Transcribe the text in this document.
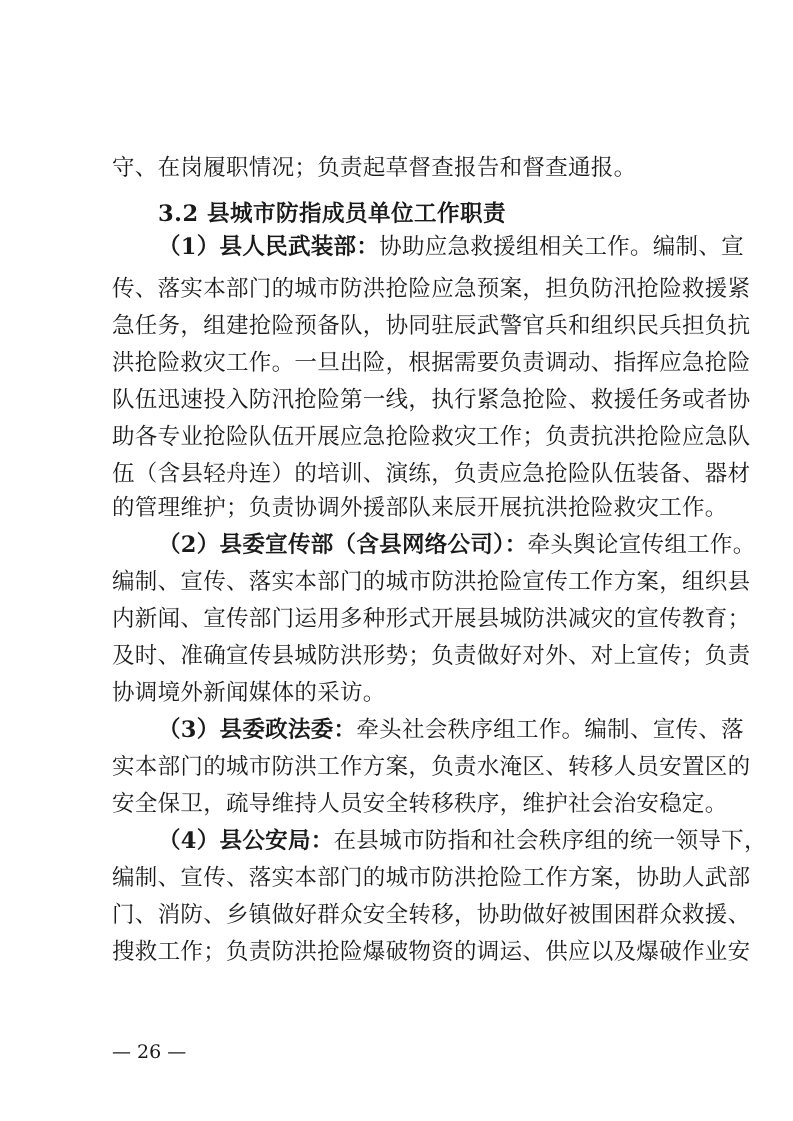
守、在岗履职情况；负责起草督查报告和督查通报。
3.2 县城市防指成员单位工作职责
（1）县人民武装部：协助应急救援组相关工作。编制、宣
传、落实本部门的城市防洪抢险应急预案，担负防汛抢险救援紧
急任务，组建抢险预备队，协同驻辰武警官兵和组织民兵担负抗
洪抢险救灾工作。一旦出险，根据需要负责调动、指挥应急抢险
队伍迅速投入防汛抢险第一线，执行紧急抢险、救援任务或者协
助各专业抢险队伍开展应急抢险救灾工作；负责抗洪抢险应急队
伍（含县轻舟连）的培训、演练，负责应急抢险队伍装备、器材
的管理维护；负责协调外援部队来辰开展抗洪抢险救灾工作。
（2）县委宣传部（含县网络公司）：牵头舆论宣传组工作。
编制、宣传、落实本部门的城市防洪抢险宣传工作方案，组织县
内新闻、宣传部门运用多种形式开展县城防洪减灾的宣传教育；
及时、准确宣传县城防洪形势；负责做好对外、对上宣传；负责
协调境外新闻媒体的采访。
（3）县委政法委：牵头社会秩序组工作。编制、宣传、落
实本部门的城市防洪工作方案，负责水淹区、转移人员安置区的
安全保卫，疏导维持人员安全转移秩序，维护社会治安稳定。
（4）县公安局：在县城市防指和社会秩序组的统一领导下，
编制、宣传、落实本部门的城市防洪抢险工作方案，协助人武部
门、消防、乡镇做好群众安全转移，协助做好被围困群众救援、
搜救工作；负责防洪抢险爆破物资的调运、供应以及爆破作业安
— 26 —
